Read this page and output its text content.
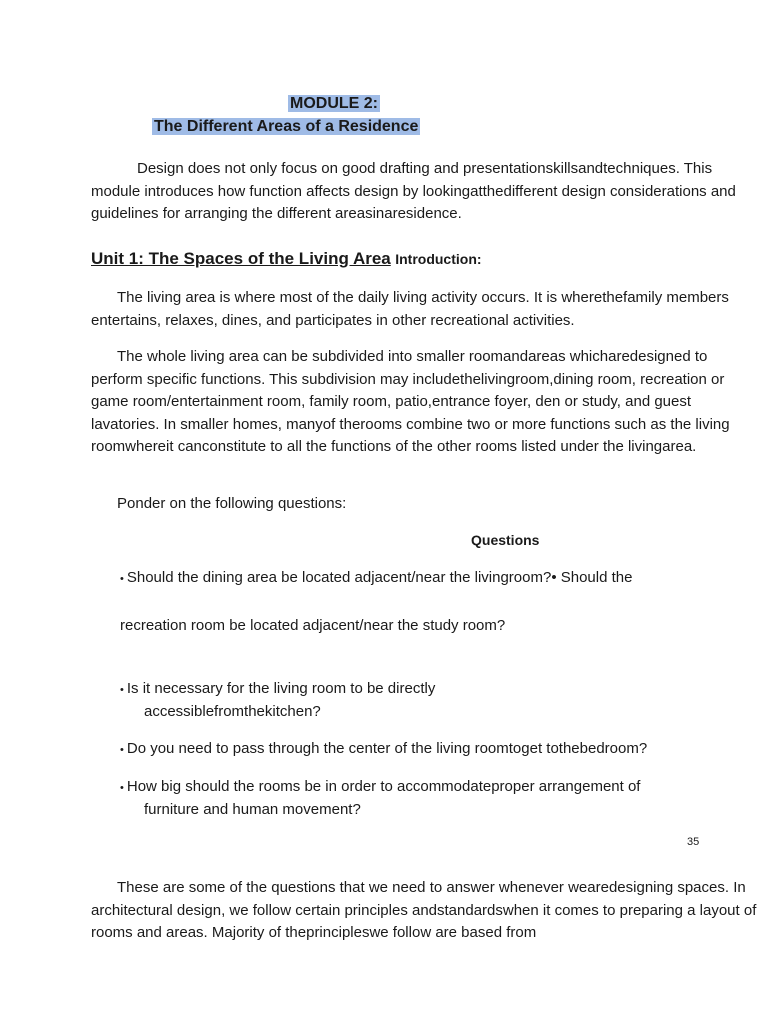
MODULE 2:
The Different Areas of a Residence

Design does not only focus on good drafting and presentationskillsandtechniques. This module introduces how function affects design by lookingatthedifferent design considerations and guidelines for arranging the different areasinaresidence.

Unit 1: The Spaces of the Living Area Introduction:

The living area is where most of the daily living activity occurs. It is wherethefamily members entertains, relaxes, dines, and participates in other recreational activities.

The whole living area can be subdivided into smaller roomandareas whicharedesigned to perform specific functions. This subdivision may includethelivingroom,dining room, recreation or game room/entertainment room, family room, patio,entrance foyer, den or study, and guest lavatories. In smaller homes, manyof therooms combine two or more functions such as the living roomwhereit canconstitute to all the functions of the other rooms listed under the livingarea.

Ponder on the following questions:

Questions
• Should the dining area be located adjacent/near the livingroom?• Should the
recreation room be located adjacent/near the study room?
• Is it necessary for the living room to be directly
accessiblefromthekitchen?
• Do you need to pass through the center of the living roomtoget tothebedroom?
• How big should the rooms be in order to accommodateproper arrangement of
furniture and human movement?
35

These are some of the questions that we need to answer whenever wearedesigning spaces. In architectural design, we follow certain principles andstandardswhen it comes to preparing a layout of rooms and areas. Majority of theprincipleswe follow are based from
